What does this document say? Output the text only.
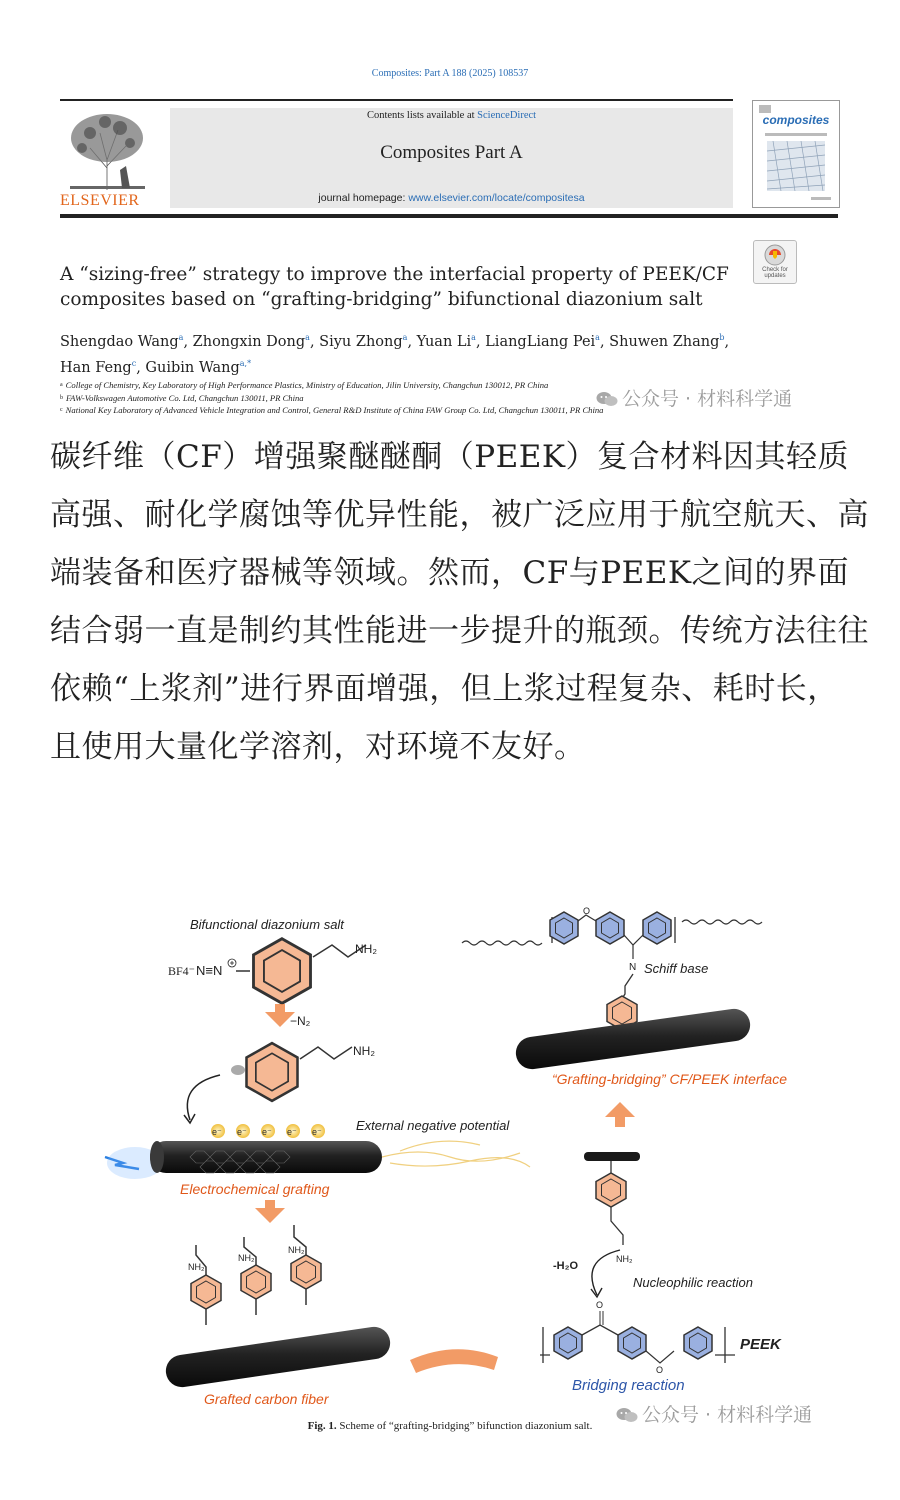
Composites: Part A 188 (2025) 108537
ELSEVIER
Contents lists available at ScienceDirect
Composites Part A
journal homepage: www.elsevier.com/locate/compositesa
composites
A “sizing-free” strategy to improve the interfacial property of PEEK/CF composites based on “grafting-bridging” bifunctional diazonium salt
Check for updates
Shengdao Wang$^a$, Zhongxin Dong$^a$, Siyu Zhong$^a$, Yuan Li$^a$, LiangLiang Pei$^a$, Shuwen Zhang$^b$,
Han Feng$^c$, Guibin Wang$^{a,*}$
$^a$ College of Chemistry, Key Laboratory of High Performance Plastics, Ministry of Education, Jilin University, Changchun 130012, PR China
$^b$ FAW-Volkswagen Automotive Co. Ltd, Changchun 130011, PR China
$^c$ National Key Laboratory of Advanced Vehicle Integration and Control, General R&D Institute of China FAW Group Co. Ltd, Changchun 130011, PR China
公众号 · 材料科学通

碳纤维（CF）增强聚醚醚酮（PEEK）复合材料因其轻质高强、耐化学腐蚀等优异性能，被广泛应用于航空航天、高端装备和医疗器械等领域。然而，CF与PEEK之间的界面结合弱一直是制约其性能进一步提升的瓶颈。传统方法往往依赖“上浆剂”进行界面增强，但上浆过程复杂、耗时长，且使用大量化学溶剂，对环境不友好。

Bifunctional diazonium salt
BF4⁻ N≡N
NH₂
−N₂
NH₂
e⁻ e⁻ e⁻ e⁻ e⁻	External negative potential
Electrochemical grafting
NH₂
NH₂
NH₂
Grafted carbon fiber
O
N Schiff base
“Grafting-bridging” CF/PEEK interface
NH₂
-H₂O
Nucleophilic reaction
O
O
PEEK
Bridging reaction
公众号 · 材料科学通
Fig. 1. Scheme of “grafting-bridging” bifunction diazonium salt.
